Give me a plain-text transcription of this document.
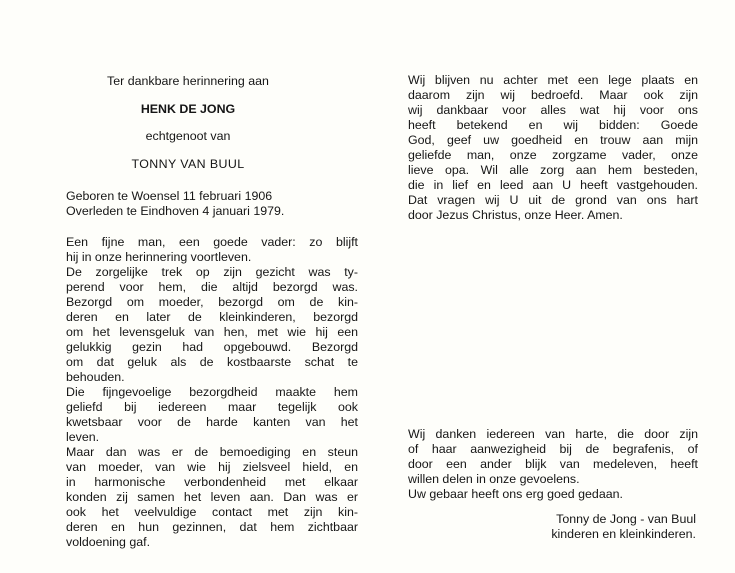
Ter dankbare herinnering aan
HENK DE JONG
echtgenoot van
TONNY VAN BUUL
Geboren te Woensel 11 februari 1906
Overleden te Eindhoven 4 januari 1979.
Een fijne man, een goede vader: zo blijft
hij in onze herinnering voortleven.
De zorgelijke trek op zijn gezicht was ty-
perend voor hem, die altijd bezorgd was.
Bezorgd om moeder, bezorgd om de kin-
deren en later de kleinkinderen, bezorgd
om het levensgeluk van hen, met wie hij een
gelukkig gezin had opgebouwd. Bezorgd
om dat geluk als de kostbaarste schat te
behouden.
Die fijngevoelige bezorgdheid maakte hem
geliefd bij iedereen maar tegelijk ook
kwetsbaar voor de harde kanten van het
leven.
Maar dan was er de bemoediging en steun
van moeder, van wie hij zielsveel hield, en
in harmonische verbondenheid met elkaar
konden zij samen het leven aan. Dan was er
ook het veelvuldige contact met zijn kin-
deren en hun gezinnen, dat hem zichtbaar
voldoening gaf.
Wij blijven nu achter met een lege plaats en
daarom zijn wij bedroefd. Maar ook zijn
wij dankbaar voor alles wat hij voor ons
heeft betekend en wij bidden: Goede
God, geef uw goedheid en trouw aan mijn
geliefde man, onze zorgzame vader, onze
lieve opa. Wil alle zorg aan hem besteden,
die in lief en leed aan U heeft vastgehouden.
Dat vragen wij U uit de grond van ons hart
door Jezus Christus, onze Heer. Amen.
Wij danken iedereen van harte, die door zijn
of haar aanwezigheid bij de begrafenis, of
door een ander blijk van medeleven, heeft
willen delen in onze gevoelens.
Uw gebaar heeft ons erg goed gedaan.
Tonny de Jong - van Buul
kinderen en kleinkinderen.
